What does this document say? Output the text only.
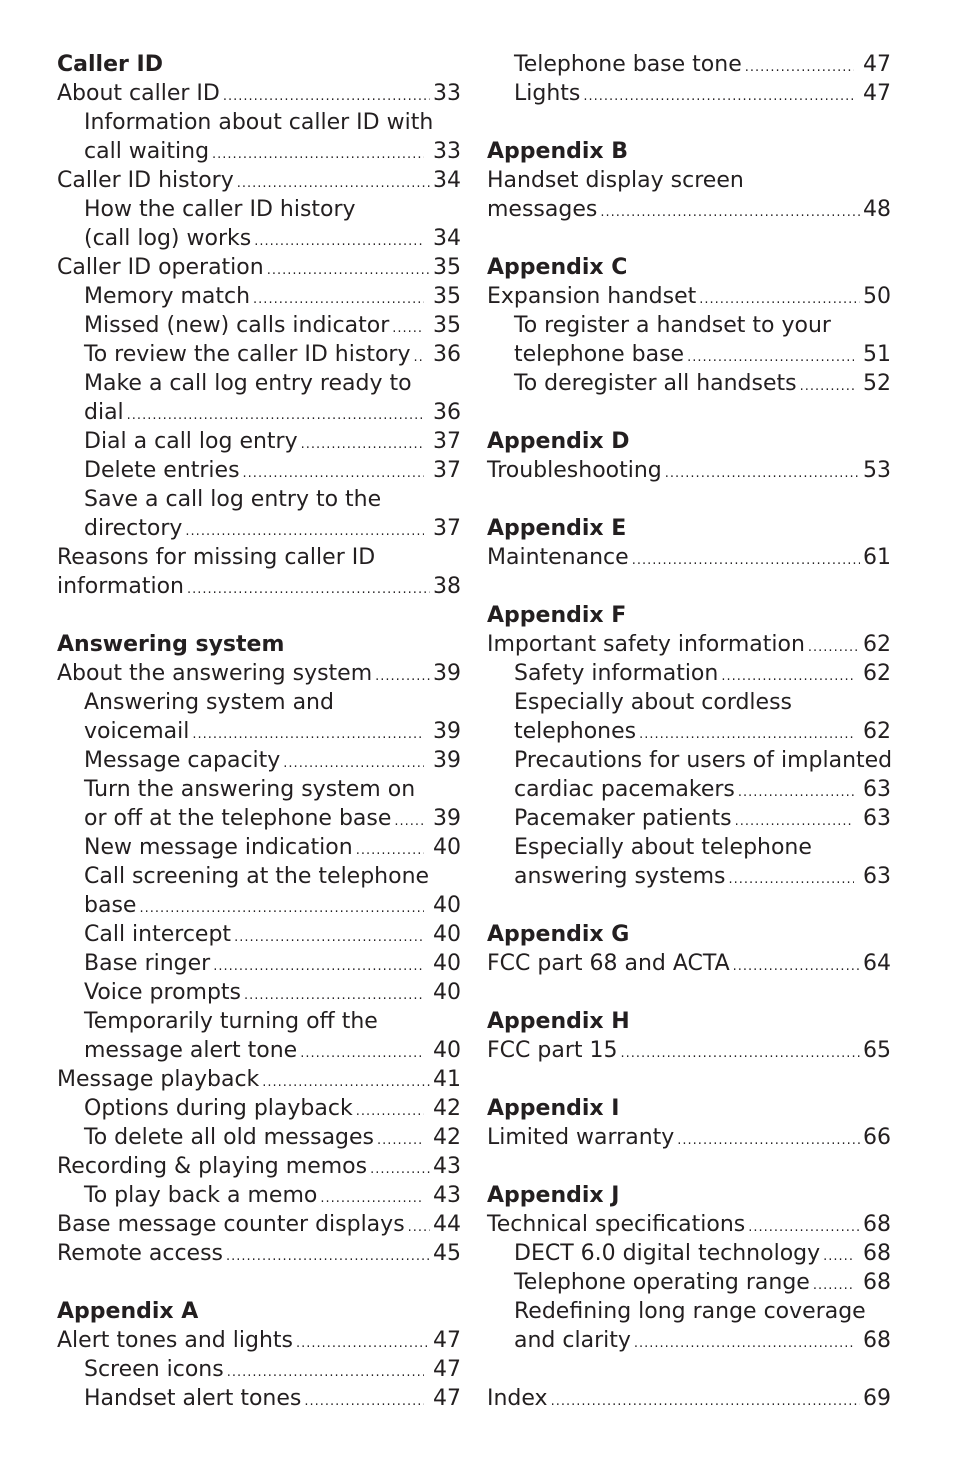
Caller ID
About caller ID .....	33
Information about caller ID with
call waiting .....	33
Caller ID history .....	34
How the caller ID history
(call log) works .....	34
Caller ID operation .....	35
Memory match .....	35
Missed (new) calls indicator ..... 35
To review the caller ID history ..... 36
Make a call log entry ready to
dial .....	36
Dial a call log entry .....	37
Delete entries .....	37
Save a call log entry to the
directory .....	37
Reasons for missing caller ID
information .....	38
Answering system
About the answering system .....	39
Answering system and
voicemail .....	39
Message capacity .....	39
Turn the answering system on
or off at the telephone base ..... 39
New message indication .....	40
Call screening at the telephone
base .....	40
Call intercept .....	40
Base ringer .....	40
Voice prompts .....	40
Temporarily turning off the
message alert tone .....	40
Message playback .....	41
Options during playback .....	42
To delete all old messages .....	42
Recording & playing memos .....	43
To play back a memo .....	43
Base message counter displays ..... 44
Remote access .....	45
Appendix A
Alert tones and lights .....	47
Screen icons .....	47
Handset alert tones .....	47
Telephone base tone .....	47
Lights .....	47
Appendix B
Handset display screen
messages .....	48
Appendix C
Expansion handset .....	50
To register a handset to your
telephone base .....	51
To deregister all handsets .....	52
Appendix D
Troubleshooting .....	53
Appendix E
Maintenance .....	61
Appendix F
Important safety information .....	62
Safety information .....	62
Especially about cordless
telephones .....	62
Precautions for users of implanted
cardiac pacemakers .....	63
Pacemaker patients .....	63
Especially about telephone
answering systems .....	63
Appendix G
FCC part 68 and ACTA .....	64
Appendix H
FCC part 15 .....	65
Appendix I
Limited warranty .....	66
Appendix J
Technical specifications .....	68
DECT 6.0 digital technology ..... 68
Telephone operating range ..... 68
Redefining long range coverage
and clarity .....	68
Index .....	69
